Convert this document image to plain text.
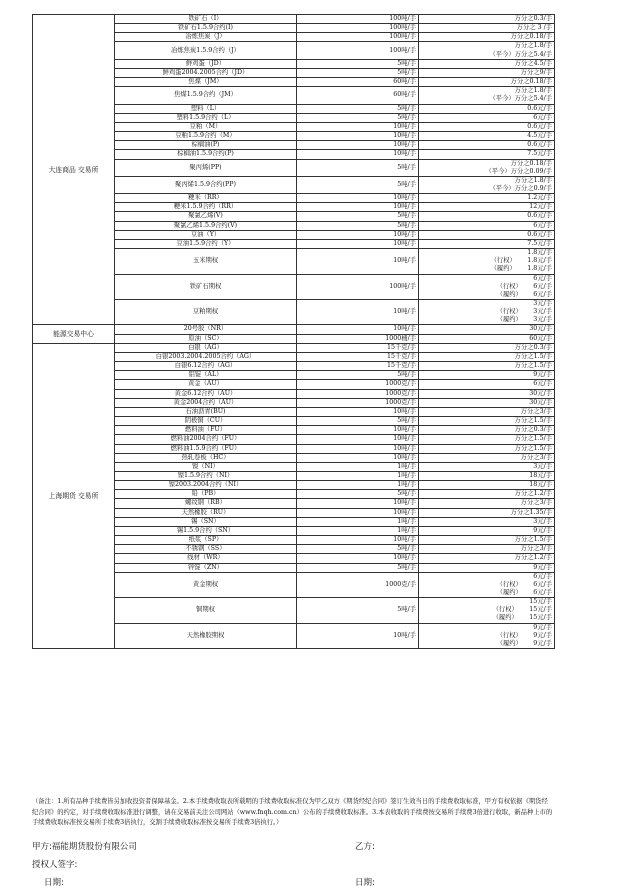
大连商品 交易所	铁矿石（I）	100吨/手	万分之0.3/手

	铁矿石1.5.9合约(I)	100吨/手	万分之 3 /手

	冶炼焦炭（J）	100吨/手	万分之0.18/手

	冶炼焦炭1.5.9合约（J）	100吨/手	万分之1.8/手
（平今）万分之5.4/手

	鲜鸡蛋（JD）	5吨/手	万分之4.5/手

	鲜鸡蛋2004.2005合约（JD）	5吨/手	万分之9/手

	焦煤（JM）	60吨/手	万分之0.18/手

	焦煤1.5.9合约（JM）	60吨/手	万分之1.8/手
（平今）万分之5.4/手

	塑料（L）	5吨/手	0.6元/手

	塑料1.5.9合约（L）	5吨/手	6元/手

	豆粕（M）	10吨/手	0.6元/手

	豆粕1.5.9合约（M）	10吨/手	4.5元/手

	棕榈油(P)	10吨/手	0.6元/手

	棕榈油1.5.9合约(P)	10吨/手	7.5元/手

	聚丙烯(PP)	5吨/手	万分之0.18/手
（平今）万分之0.09/手

	聚丙烯1.5.9合约(PP)	5吨/手	万分之1.8/手
（平今）万分之0.9/手

	粳米（RR）	10吨/手	1.2元/手

	粳米1.5.9合约（RR）	10吨/手	12元/手

	聚氯乙烯(V)	5吨/手	0.6元/手

	聚氯乙烯1.5.9合约(V)	5吨/手	6元/手

	豆油（Y）	10吨/手	0.6元/手

	豆油1.5.9合约（Y）	10吨/手	7.5元/手

	玉米期权	10吨/手	1.8元/手
（行权）　　 1.8元/手
（履约）　　 1.8元/手

	铁矿石期权	100吨/手	6元/手
（行权）　　 6元/手
（履约）　　 6元/手

	豆粕期权	10吨/手	3元/手
（行权）　　 3元/手
（履约）　　 3元/手

能源交易中心	20号胶（NR）	10吨/手	30元/手

	原油（SC）	1000桶/手	60元/手

上海期货 交易所	白银（AG）	15千克/手	万分之0.3/手

	白银2003.2004.2005合约（AG）	15千克/手	万分之1.5/手

	白银6.12合约（AG）	15千克/手	万分之1.5/手

	铝锭（AL）	5吨/手	9元/手

	黄金（AU）	1000克/手	6元/手

	黄金6.12合约（AU）	1000克/手	30元/手

	黄金2004合约（AU）	1000克/手	30元/手

	石油沥青(BU)	10吨/手	万分之3/手

	阴极铜（CU）	5吨/手	万分之1.5/手

	燃料油（FU）	10吨/手	万分之0.3/手

	燃料油2004合约（FU）	10吨/手	万分之1.5/手

	燃料油1.5.9合约（FU）	10吨/手	万分之1.5/手

	热轧卷板（HC）	10吨/手	万分之3/手

	镍（NI）	1吨/手	3元/手

	镍1.5.9合约（NI）	1吨/手	18元/手

	镍2003.2004合约（NI）	1吨/手	18元/手

	铅（PB）	5吨/手	万分之1.2/手

	螺纹钢（RB）	10吨/手	万分之3/手

	天然橡胶（RU）	10吨/手	万分之1.35/手

	锡（SN）	1吨/手	3元/手

	锡1.5.9合约（SN）	1吨/手	9元/手

	纸浆（SP）	10吨/手	万分之1.5/手

	不锈钢（SS）	5吨/手	万分之3/手

	线材（WR）	10吨/手	万分之1.2/手

	锌锭（ZN）	5吨/手	9元/手

	黄金期权	1000克/手	6元/手
（行权）　　 6元/手
（履约）　　 6元/手

	铜期权	5吨/手	15元/手
（行权）　　 15元/手
（履约）　　 15元/手

	天然橡胶期权	10吨/手	9元/手
（行权）　　 9元/手
（履约）　　 9元/手
（备注：1.所有品种手续费皆另加收投资者保障基金。2.本手续费收取表所载明的手续费收取标准仅为甲乙双方《期货经纪合同》签订生效当日的手续费收取标准，甲方有权依据《期货经纪合同》的约定，对手续费收取标准进行调整，请在交易前关注公司网站（www.fnqh.com.cn）公布的手续费收取标准。3.本表收取的手续费按交易所手续费3倍进行收取，新品种上市的手续费收取标准按交易所手续费3倍执行，交割手续费收取标准按交易所手续费3倍执行。）
甲方:福能期货股份有限公司	乙方:
授权人签字:
日期:	日期:
